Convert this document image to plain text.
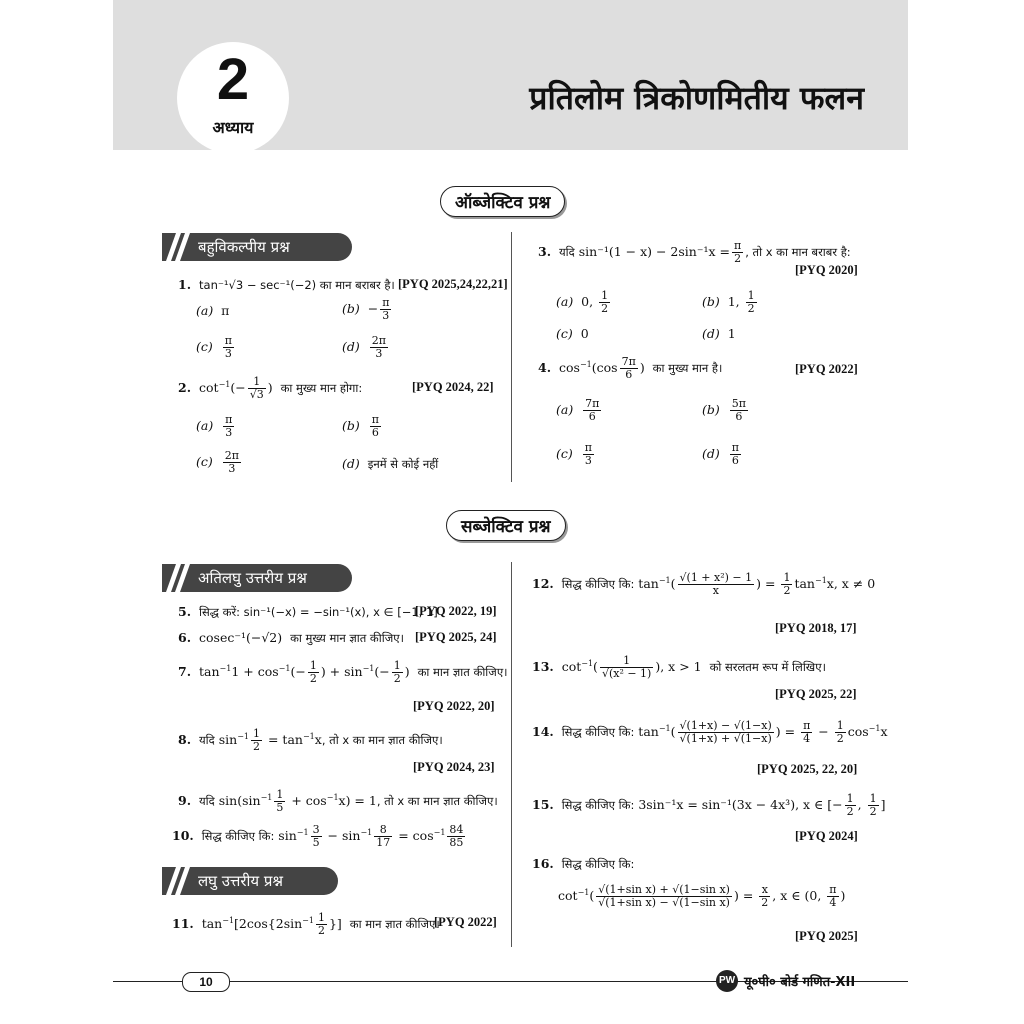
2
अध्याय
प्रतिलोम त्रिकोणमितीय फलन
ऑब्जेक्टिव प्रश्न
बहुविकल्पीय प्रश्न
1. tan⁻¹√3 − sec⁻¹(−2) का मान बराबर है। [PYQ 2025,24,22,21]
(a) π	$(b) - \frac{\pi}{3}$
$(c) \frac{\pi}{3}$	$(d) \frac{2\pi}{3}$
2.  $\cot^{-1}(- \frac{1}{√3}$ )  का मुख्य मान होगा:	[PYQ 2024, 22]
$(a) \frac{\pi}{3}$	$(b) \frac{\pi}{6}$
$(c) \frac{2\pi}{3}$	(d) इनमें से कोई नहीं
3. यदि $\sin^{-1}(1 - x) - 2\sin^{-1}x = \frac{\pi}{2}$ , तो x का मान बराबर है:
[PYQ 2020]
(a) 0, $\frac{1}{2}$	(b) 1, $\frac{1}{2}$
(c) 0	(d) 1
4.  $\cos^{-1}(\cos \frac{7\pi}{6}$ )  का मुख्य मान है।	[PYQ 2022]
$(a) \frac{7\pi}{6}$	$(b) \frac{5\pi}{6}$
$(c) \frac{\pi}{3}$	$(d) \frac{\pi}{6}$
सब्जेक्टिव प्रश्न
अतिलघु उत्तरीय प्रश्न
5. सिद्ध करें: sin⁻¹(−x) = −sin⁻¹(x), x ∈ [−1, 1]
[PYQ 2022, 19]
6. cosec⁻¹(−√2) का मुख्य मान ज्ञात कीजिए। [PYQ 2025, 24]
7.  $\tan^{-1}1 + \cos^{-1}(- \frac{1}{2}$ ) + $\sin^{-1}(- \frac{1}{2}$ )  का मान ज्ञात कीजिए।
[PYQ 2022, 20]
8. यदि $\sin^{-1} \frac{1}{2} = \tan^{-1}x$, तो x का मान ज्ञात कीजिए।
[PYQ 2024, 23]
9. यदि $\sin(\sin^{-1} \frac{1}{5} + \cos^{-1}x) = 1$, तो x का मान ज्ञात कीजिए।
10. सिद्ध कीजिए कि: $\sin^{-1} \frac{3}{5} - \sin^{-1} \frac{8}{17} = \cos^{-1} \frac{84}{85}$
लघु उत्तरीय प्रश्न
11.  $\tan^{-1}[2\cos\{2\sin^{-1} \frac{1}{2}$ }]  का मान ज्ञात कीजिए।
[PYQ 2022]
12. सिद्ध कीजिए कि: $\tan^{-1}( \frac{\text{√(1 + x²) − 1}}{x}$ ) = $\frac{1}{2} \tan^{-1}x$, x ≠ 0
[PYQ 2018, 17]
13.  $\cot^{-1}( \frac{1}{\text{√(x² − 1)}}$ ), x > 1  को सरलतम रूप में लिखिए।
[PYQ 2025, 22]
14. सिद्ध कीजिए कि: $\tan^{-1}( \frac{√(1+x) - √(1-x)}{√(1+x) + √(1-x)}$ ) = $\frac{\pi}{4} - \frac{1}{2} \cos^{-1}x$
[PYQ 2025, 22, 20]
15. सिद्ध कीजिए कि: 3sin⁻¹x = sin⁻¹(3x − 4x³), x ∈ [− $\frac{1}{2}$ , $\frac{1}{2}$ ]
[PYQ 2024]
16. सिद्ध कीजिए कि:
$\cot^{-1}( \frac{\text{√(1+sin x) + √(1−sin x)}}{\text{√(1+sin x) − √(1−sin x)}}$ ) = $\frac{x}{2}$ , x ∈ (0, $\frac{\pi}{4}$ )
[PYQ 2025]
10	PW यू०पी० बोर्ड गणित-XII
